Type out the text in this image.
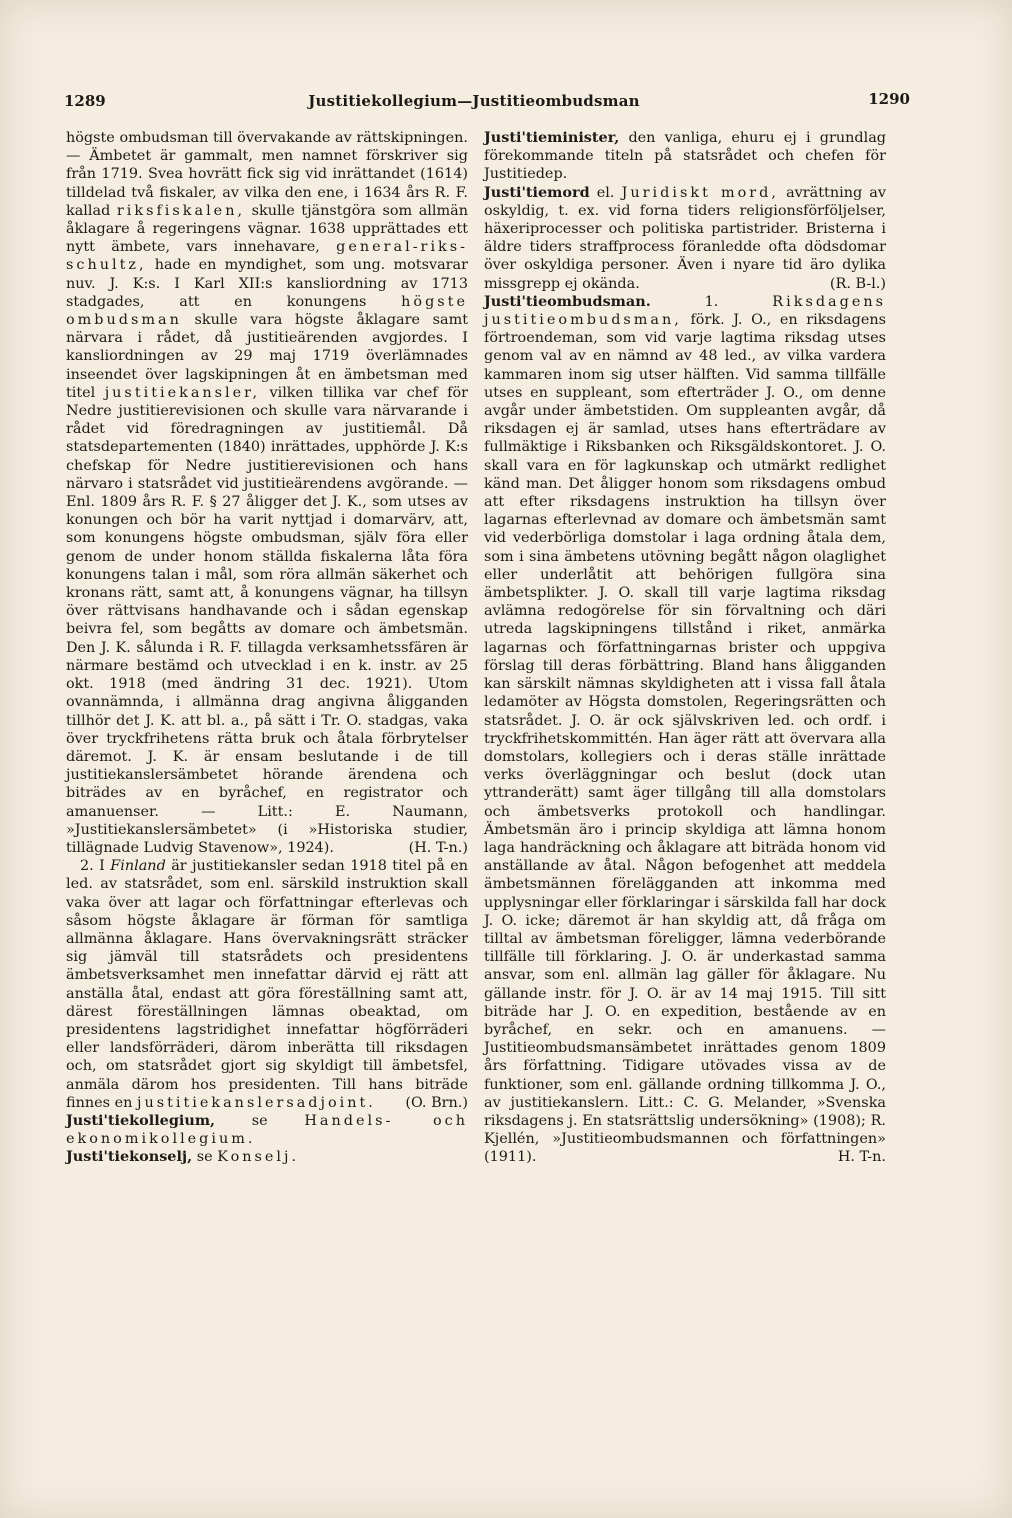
1289	Justitiekollegium—Justitieombudsman	1290

högste ombudsman till övervakande av rättskipningen. — Ämbetet är gammalt, men namnet förskriver sig från 1719. Svea hovrätt fick sig vid inrättandet (1614) tilldelad två fiskaler, av vilka den ene, i 1634 års R. F. kallad riksfiskalen, skulle tjänstgöra som allmän åklagare å regeringens vägnar. 1638 upprättades ett nytt ämbete, vars innehavare, general-riks-schultz, hade en myndighet, som ung. motsvarar nuv. J. K:s. I Karl XII:s kansliordning av 1713 stadgades, att en konungens högste ombudsman skulle vara högste åklagare samt närvara i rådet, då justitieärenden avgjordes. I kansliordningen av 29 maj 1719 överlämnades inseendet över lagskipningen åt en ämbetsman med titel justitiekansler, vilken tillika var chef för Nedre justitierevisionen och skulle vara närvarande i rådet vid föredragningen av justitiemål. Då statsdepartementen (1840) inrättades, upphörde J. K:s chefskap för Nedre justitierevisionen och hans närvaro i statsrådet vid justitieärendens avgörande. — Enl. 1809 års R. F. § 27 åligger det J. K., som utses av konungen och bör ha varit nyttjad i domarvärv, att, som konungens högste ombudsman, själv föra eller genom de under honom ställda fiskalerna låta föra konungens talan i mål, som röra allmän säkerhet och kronans rätt, samt att, å konungens vägnar, ha tillsyn över rättvisans handhavande och i sådan egenskap beivra fel, som begåtts av domare och ämbetsmän. Den J. K. sålunda i R. F. tillagda verksamhetssfären är närmare bestämd och utvecklad i en k. instr. av 25 okt. 1918 (med ändring 31 dec. 1921). Utom ovannämnda, i allmänna drag angivna åligganden tillhör det J. K. att bl. a., på sätt i Tr. O. stadgas, vaka över tryckfrihetens rätta bruk och åtala förbrytelser däremot. J. K. är ensam beslutande i de till justitiekanslersämbetet hörande ärendena och biträdes av en byråchef, en registrator och amanuenser. — Litt.: E. Naumann, »Justitiekanslersämbetet» (i »Historiska studier, tillägnade Ludvig Stavenow», 1924).	(H. T-n.)

2. I Finland är justitiekansler sedan 1918 titel på en led. av statsrådet, som enl. särskild instruktion skall vaka över att lagar och författningar efterlevas och såsom högste åklagare är förman för samtliga allmänna åklagare. Hans övervakningsrätt sträcker sig jämväl till statsrådets och presidentens ämbetsverksamhet men innefattar därvid ej rätt att anställa åtal, endast att göra föreställning samt att, därest föreställningen lämnas obeaktad, om presidentens lagstridighet innefattar högförräderi eller landsförräderi, därom inberätta till riksdagen och, om statsrådet gjort sig skyldigt till ämbetsfel, anmäla därom hos presidenten. Till hans biträde finnes en justitiekanslersadjoint.	(O. Brn.)

Justi'tiekollegium,	se	Handels- och ekonomikollegium.

Justi'tiekonselj, se Konselj.

Justi'tieminister, den vanliga, ehuru ej i grundlag förekommande titeln på statsrådet och chefen för Justitiedep.

Justi'tiemord el. Juridiskt mord, avrättning av oskyldig, t. ex. vid forna tiders religionsförföljelser, häxeriprocesser och politiska partistrider. Bristerna i äldre tiders straffprocess föranledde ofta dödsdomar över oskyldiga personer. Även i nyare tid äro dylika missgrepp ej okända.	(R. B-l.)

Justi'tieombudsman.	1.	Riksdagens justitieombudsman, förk. J. O., en riksdagens förtroendeman, som vid varje lagtima riksdag utses genom val av en nämnd av 48 led., av vilka vardera kammaren inom sig utser hälften. Vid samma tillfälle utses en suppleant, som efterträder J. O., om denne avgår under ämbetstiden. Om suppleanten avgår, då riksdagen ej är samlad, utses hans efterträdare av fullmäktige i Riksbanken och Riksgäldskontoret. J. O. skall vara en för lagkunskap och utmärkt redlighet känd man. Det åligger honom som riksdagens ombud att efter riksdagens instruktion ha tillsyn över lagarnas efterlevnad av domare och ämbetsmän samt vid vederbörliga domstolar i laga ordning åtala dem, som i sina ämbetens utövning begått någon olaglighet eller underlåtit att behörigen fullgöra sina ämbetsplikter. J. O. skall till varje lagtima riksdag avlämna redogörelse för sin förvaltning och däri utreda lagskipningens tillstånd i riket, anmärka lagarnas och författningarnas brister och uppgiva förslag till deras förbättring. Bland hans åligganden kan särskilt nämnas skyldigheten att i vissa fall åtala ledamöter av Högsta domstolen, Regeringsrätten och statsrådet. J. O. är ock självskriven led. och ordf. i tryckfrihetskommittén. Han äger rätt att övervara alla domstolars, kollegiers och i deras ställe inrättade verks överläggningar och beslut (dock utan yttranderätt) samt äger tillgång till alla domstolars och ämbetsverks protokoll och handlingar. Ämbetsmän äro i princip skyldiga att lämna honom laga handräckning och åklagare att biträda honom vid anställande av åtal. Någon befogenhet att meddela ämbetsmännen förelägganden att inkomma med upplysningar eller förklaringar i särskilda fall har dock J. O. icke; däremot är han skyldig att, då fråga om tilltal av ämbetsman föreligger, lämna vederbörande tillfälle till förklaring. J. O. är underkastad samma ansvar, som enl. allmän lag gäller för åklagare. Nu gällande instr. för J. O. är av 14 maj 1915. Till sitt biträde har J. O. en expedition, bestående av en byråchef, en sekr. och en amanuens. — Justitieombudsmansämbetet inrättades genom 1809 års författning. Tidigare utövades vissa av de funktioner, som enl. gällande ordning tillkomma J. O., av justitiekanslern. Litt.: C. G. Melander, »Svenska riksdagens j. En statsrättslig undersökning» (1908); R. Kjellén, »Justitieombudsmannen och författningen» (1911).	H. T-n.
